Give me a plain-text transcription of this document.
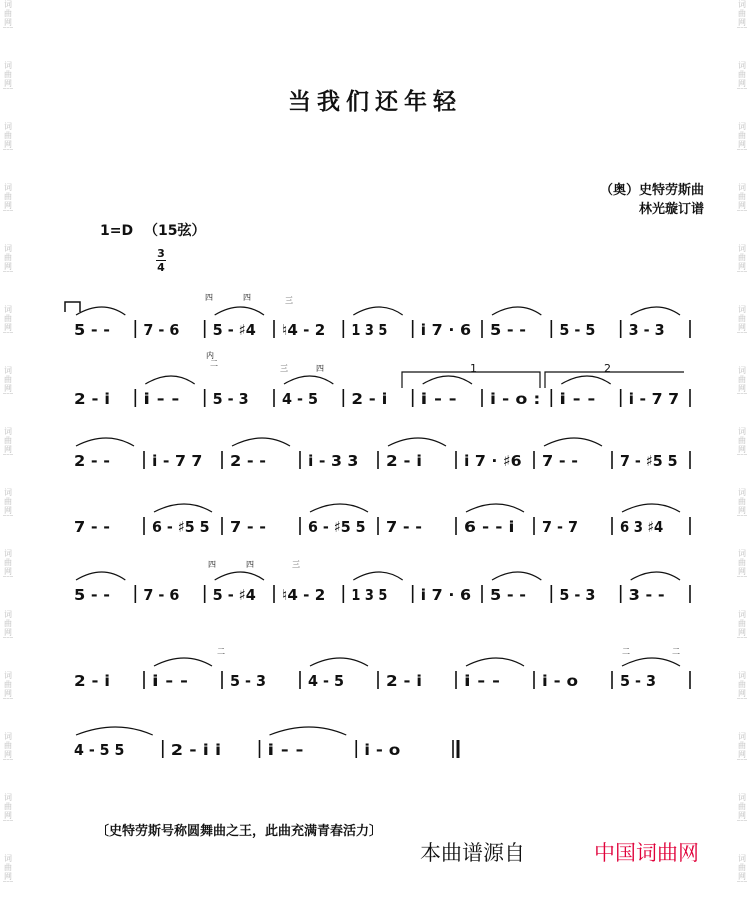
词
曲
网
词
曲
网
词
曲
网
词
曲
网
词
曲
网
词
曲
网
词
曲
网
词
曲
网
词
曲
网
词
曲
网
词
曲
网
词
曲
网
词
曲
网
词
曲
网
词
曲
网
词
曲
网
词
曲
网
词
曲
网
词
曲
网
词
曲
网
词
曲
网
词
曲
网
词
曲
网
词
曲
网
词
曲
网
词
曲
网
词
曲
网
词
曲
网
词
曲
网
词
曲
网
当我们还年轻
（奥）史特劳斯曲
林光璇订谱
1=D （15弦）
3
4
5 - - 7 - 6 5 - ♯4 ♮4 - 2 1 3 5 i 7 · 6 5 - - 5 - 5 3 - 3
2 - i i - - 5 - 3 4 - 5 2 - i i - - i - o : i - - i - 7 7
2 - -	i - 7 7 2 - -	i - 3 3 2 - i	i 7 · ♯6 7 - -	7 - ♯5 5
7 - -	6 - ♯5 5 7 - -	6 - ♯5 5 7 - -	6 - - i 7 - 7	6 3 ♯4
5 - - 7 - 6 5 - ♯4 ♮4 - 2 1 3 5 i 7 · 6 5 - - 5 - 3 3 - -
2 - i	i - -	5 - 3	4 - 5	2 - i	i - -	i - o	5 - 3
4 - 5 5	2 - i i	i - -	i - o
1	2
四	四	三
二
内
三	四
四	四	三
二	二	二
〔史特劳斯号称圆舞曲之王，此曲充满青春活力〕
本曲谱源自	中国词曲网
